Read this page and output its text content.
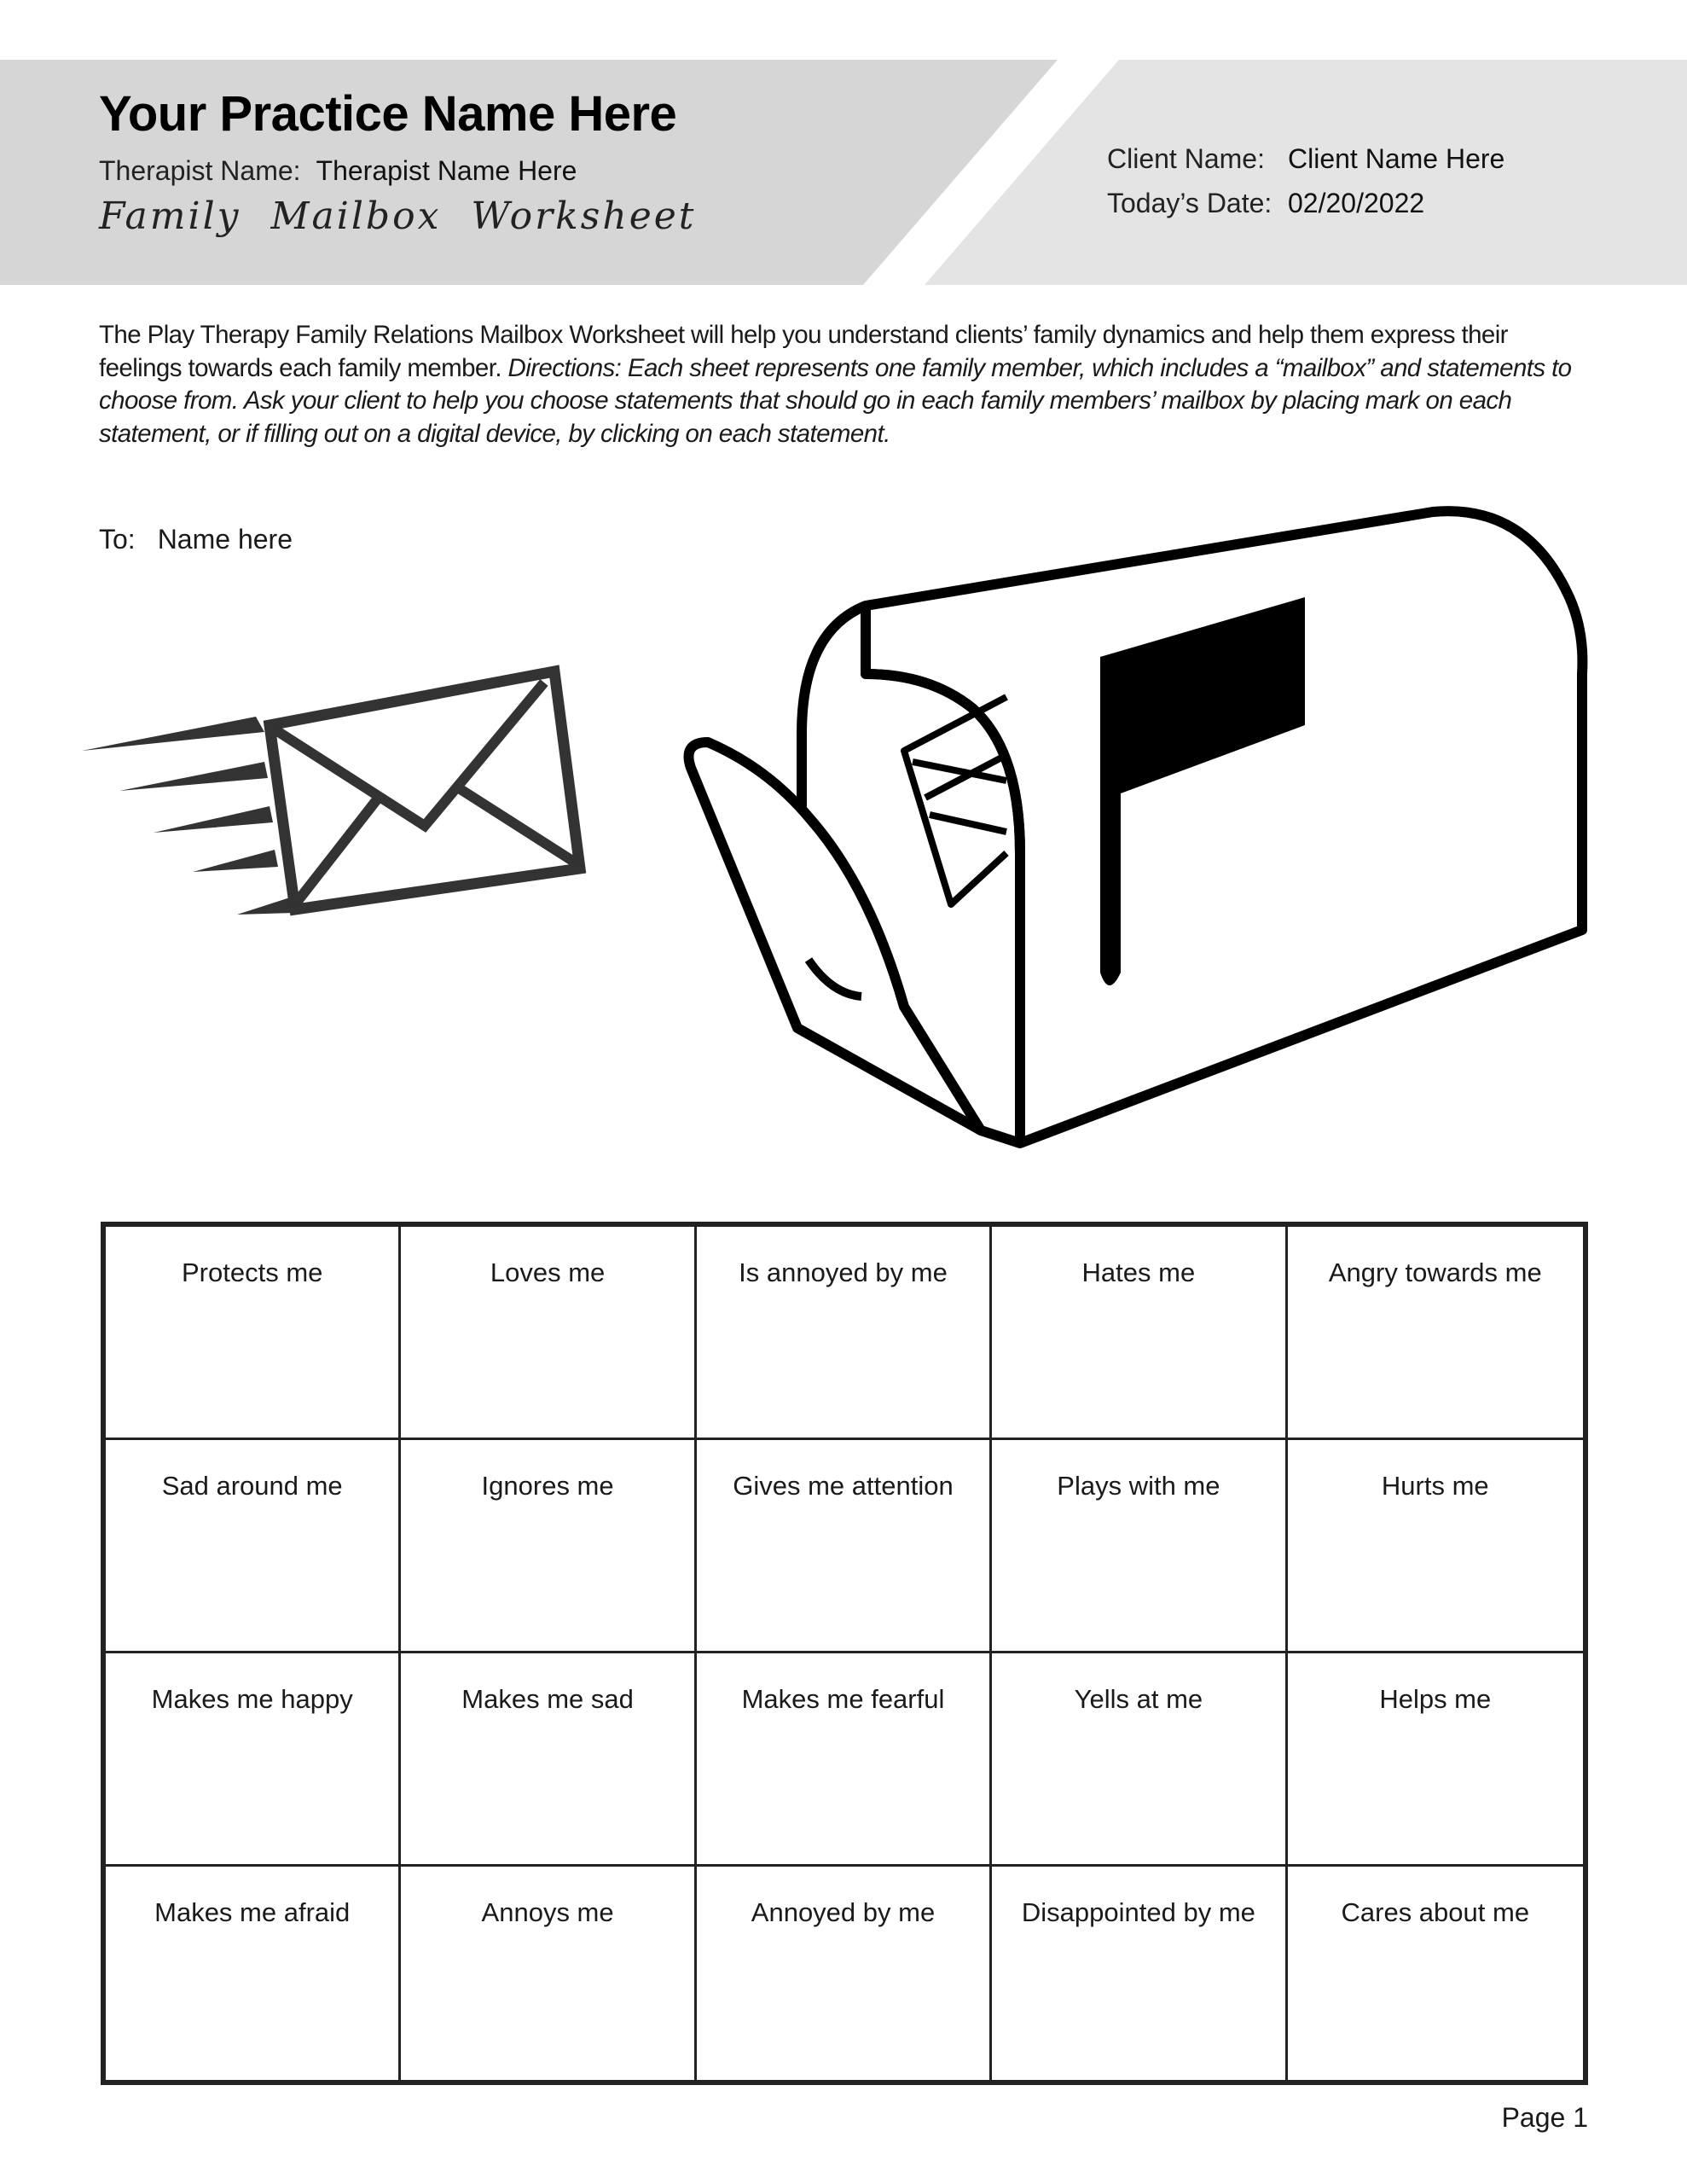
Your Practice Name Here
Therapist Name: Therapist Name Here
Family Mailbox Worksheet
Client Name: Client Name Here
Today’s Date: 02/20/2022
The Play Therapy Family Relations Mailbox Worksheet will help you understand clients’ family dynamics and help them express their feelings towards each family member. Directions: Each sheet represents one family member, which includes a “mailbox” and statements to choose from. Ask your client to help you choose statements that should go in each family members’ mailbox by placing mark on each statement, or if filling out on a digital device, by clicking on each statement.
To: Name here
Protects me	Loves me	Is annoyed by me	Hates me	Angry towards me
Sad around me	Ignores me	Gives me attention	Plays with me	Hurts me
Makes me happy	Makes me sad	Makes me fearful	Yells at me	Helps me
Makes me afraid	Annoys me	Annoyed by me	Disappointed by me	Cares about me
Page 1
